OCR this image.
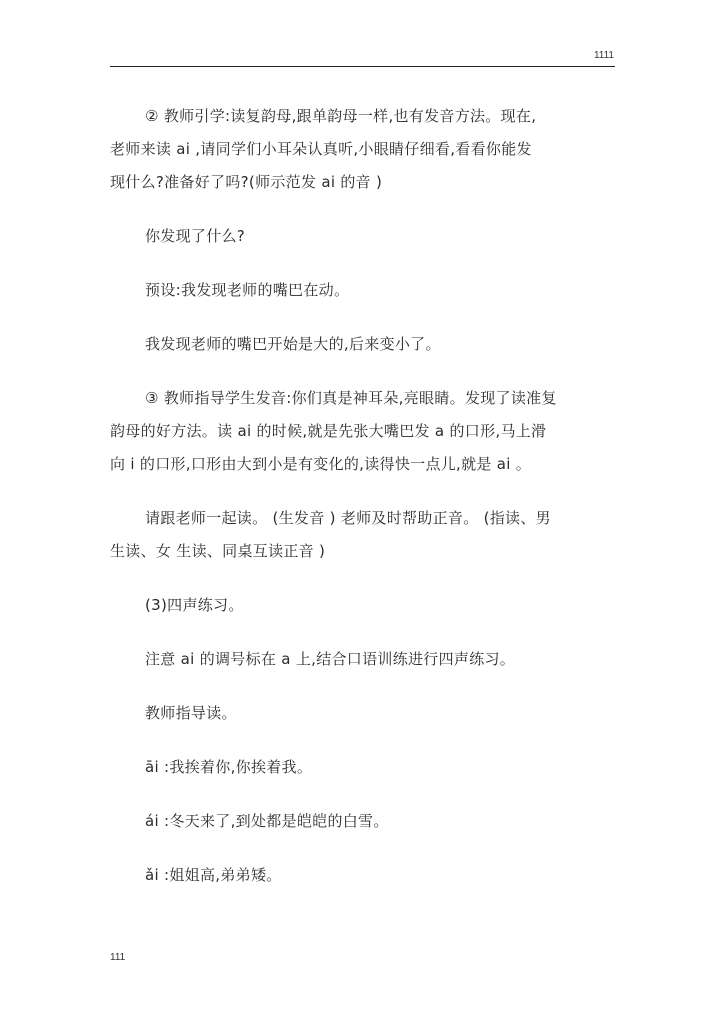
1111

② 教师引学:读复韵母,跟单韵母一样,也有发音方法。现在,
老师来读 ai ,请同学们小耳朵认真听,小眼睛仔细看,看看你能发
现什么?准备好了吗?(师示范发 ai 的音 )

你发现了什么?

预设:我发现老师的嘴巴在动。

我发现老师的嘴巴开始是大的,后来变小了。

③ 教师指导学生发音:你们真是神耳朵,亮眼睛。发现了读准复
韵母的好方法。读 ai 的时候,就是先张大嘴巴发 a 的口形,马上滑
向 i 的口形,口形由大到小是有变化的,读得快一点儿,就是 ai 。

请跟老师一起读。 (生发音 ) 老师及时帮助正音。 (指读、男
生读、女 生读、同桌互读正音 )

(3)四声练习。

注意 ai 的调号标在 a 上,结合口语训练进行四声练习。

教师指导读。

āi :我挨着你,你挨着我。

ái :冬天来了,到处都是皑皑的白雪。

ǎi :姐姐高,弟弟矮。

111
